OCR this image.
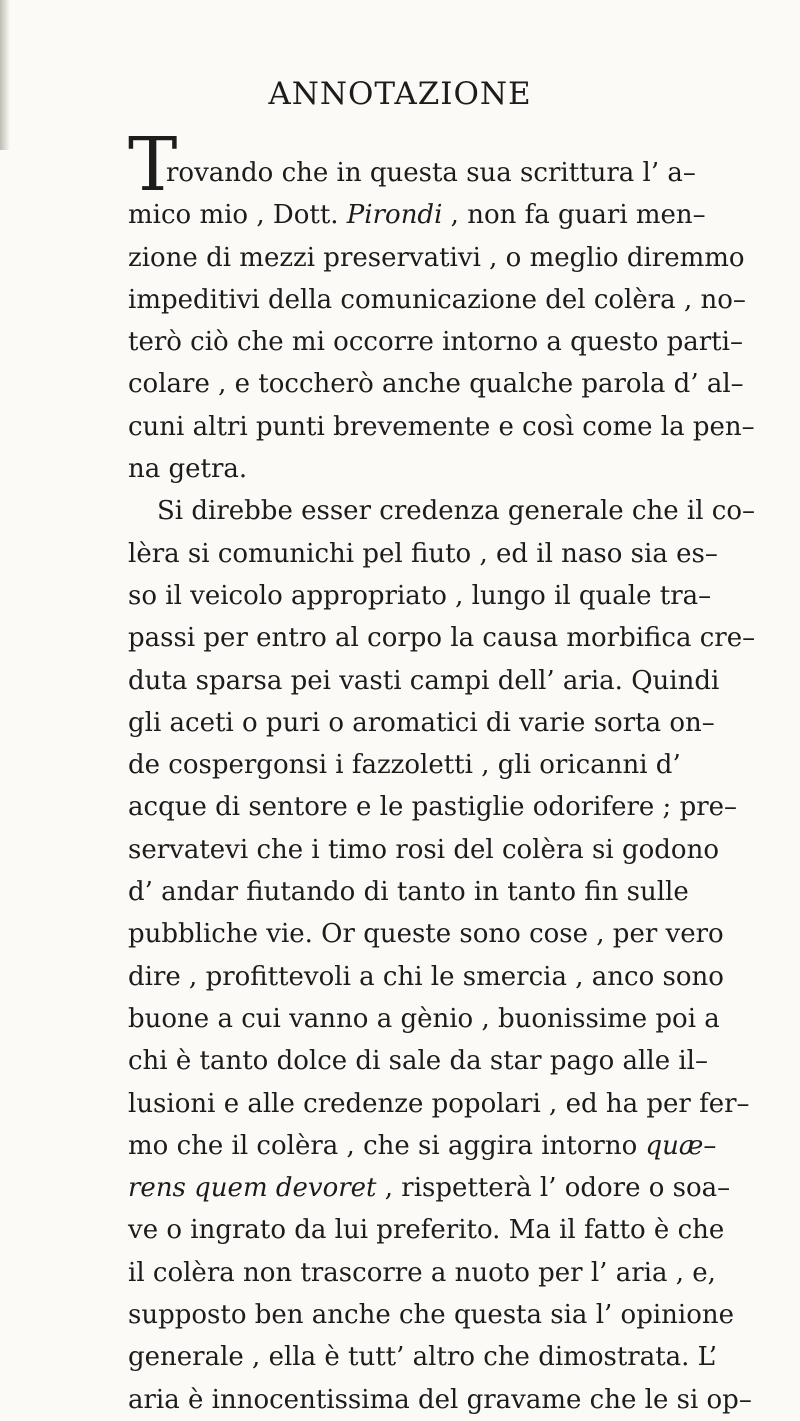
ANNOTAZIONE
T
rovando che in questa sua scrittura l’ a–
mico mio , Dott. Pirondi , non fa guari men–
zione di mezzi preservativi , o meglio diremmo
impeditivi della comunicazione del colèra , no–
terò ciò che mi occorre intorno a questo parti–
colare , e toccherò anche qualche parola d’ al–
cuni altri punti brevemente e così come la pen–
na getra.
Si direbbe esser credenza generale che il co–
lèra si comunichi pel fiuto , ed il naso sia es–
so il veicolo appropriato , lungo il quale tra–
passi per entro al corpo la causa morbifica cre–
duta sparsa pei vasti campi dell’ aria. Quindi
gli aceti o puri o aromatici di varie sorta on–
de cospergonsi i fazzoletti , gli oricanni d’
acque di sentore e le pastiglie odorifere ; pre–
servatevi che i timo rosi del colèra si godono
d’ andar fiutando di tanto in tanto fin sulle
pubbliche vie. Or queste sono cose , per vero
dire , profittevoli a chi le smercia , anco sono
buone a cui vanno a gènio , buonissime poi a
chi è tanto dolce di sale da star pago alle il–
lusioni e alle credenze popolari , ed ha per fer–
mo che il colèra , che si aggira intorno quæ–
rens quem devoret , rispetterà l’ odore o soa–
ve o ingrato da lui preferito. Ma il fatto è che
il colèra non trascorre a nuoto per l’ aria , e,
supposto ben anche che questa sia l’ opinione
generale , ella è tutt’ altro che dimostrata. L’
aria è innocentissima del gravame che le si op–
